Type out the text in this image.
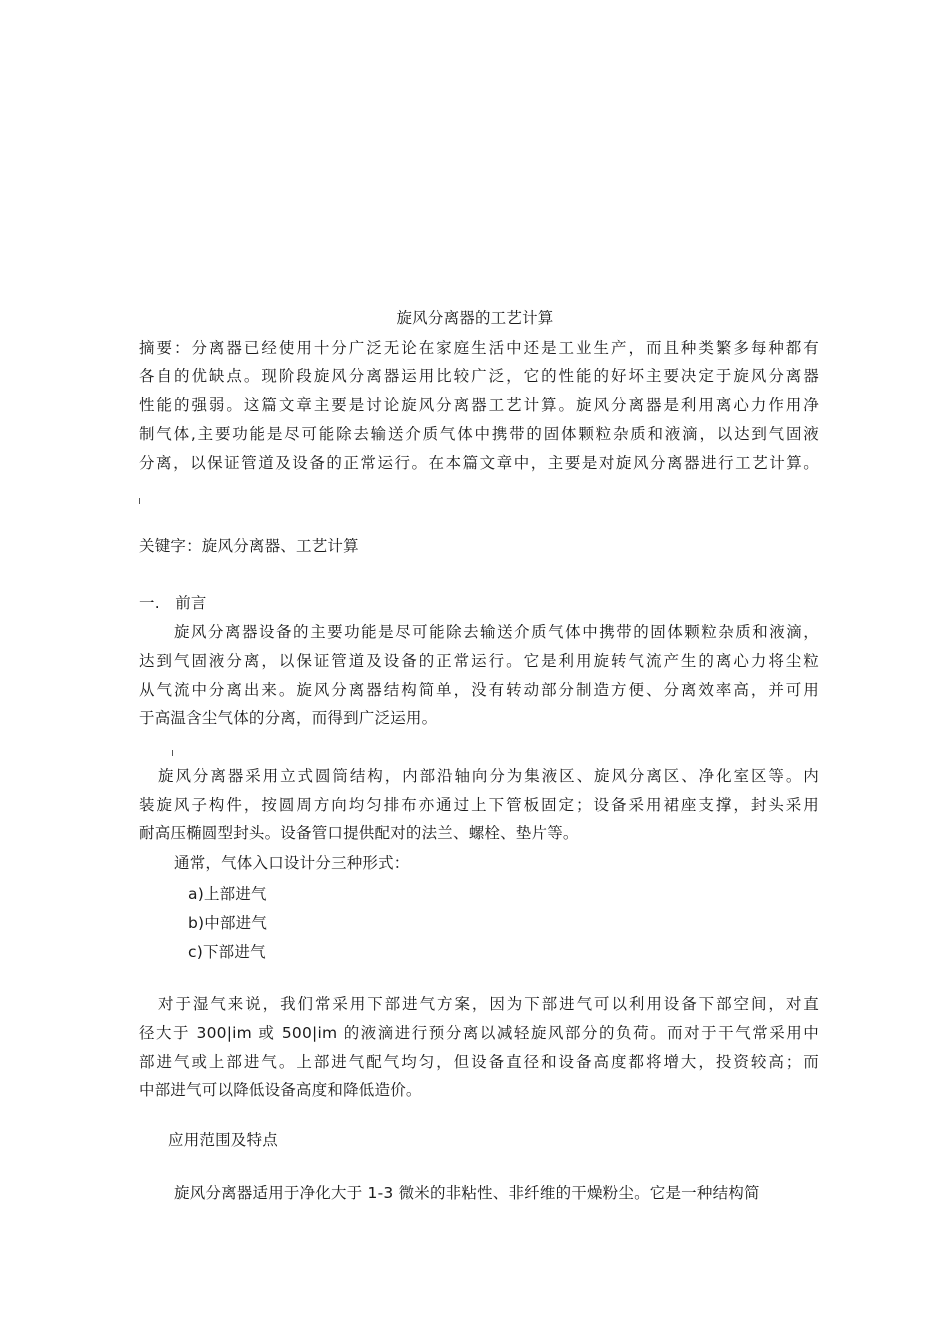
旋风分离器的工艺计算
摘要：分离器已经使用十分广泛无论在家庭生活中还是工业生产，而且种类繁多每种都有
各自的优缺点。现阶段旋风分离器运用比较广泛，它的性能的好坏主要决定于旋风分离器
性能的强弱。这篇文章主要是讨论旋风分离器工艺计算。旋风分离器是利用离心力作用净
制气体,主要功能是尽可能除去输送介质气体中携带的固体颗粒杂质和液滴，以达到气固液
分离，以保证管道及设备的正常运行。在本篇文章中，主要是对旋风分离器进行工艺计算。
关键字：旋风分离器、工艺计算
一.   前言
旋风分离器设备的主要功能是尽可能除去输送介质气体中携带的固体颗粒杂质和液滴，
达到气固液分离，以保证管道及设备的正常运行。它是利用旋转气流产生的离心力将尘粒
从气流中分离出来。旋风分离器结构简单，没有转动部分制造方便、分离效率高，并可用
于高温含尘气体的分离，而得到广泛运用。
旋风分离器采用立式圆筒结构，内部沿轴向分为集液区、旋风分离区、净化室区等。内
装旋风子构件，按圆周方向均匀排布亦通过上下管板固定；设备采用裙座支撑，封头采用
耐高压椭圆型封头。设备管口提供配对的法兰、螺栓、垫片等。
通常，气体入口设计分三种形式：
a)上部进气
b)中部进气
c)下部进气
对于湿气来说，我们常采用下部进气方案，因为下部进气可以利用设备下部空间，对直
径大于 300|im 或 500|im 的液滴进行预分离以减轻旋风部分的负荷。而对于干气常采用中
部进气或上部进气。上部进气配气均匀，但设备直径和设备高度都将增大，投资较高；而
中部进气可以降低设备高度和降低造价。
应用范围及特点
旋风分离器适用于净化大于 1-3 微米的非粘性、非纤维的干燥粉尘。它是一种结构简
